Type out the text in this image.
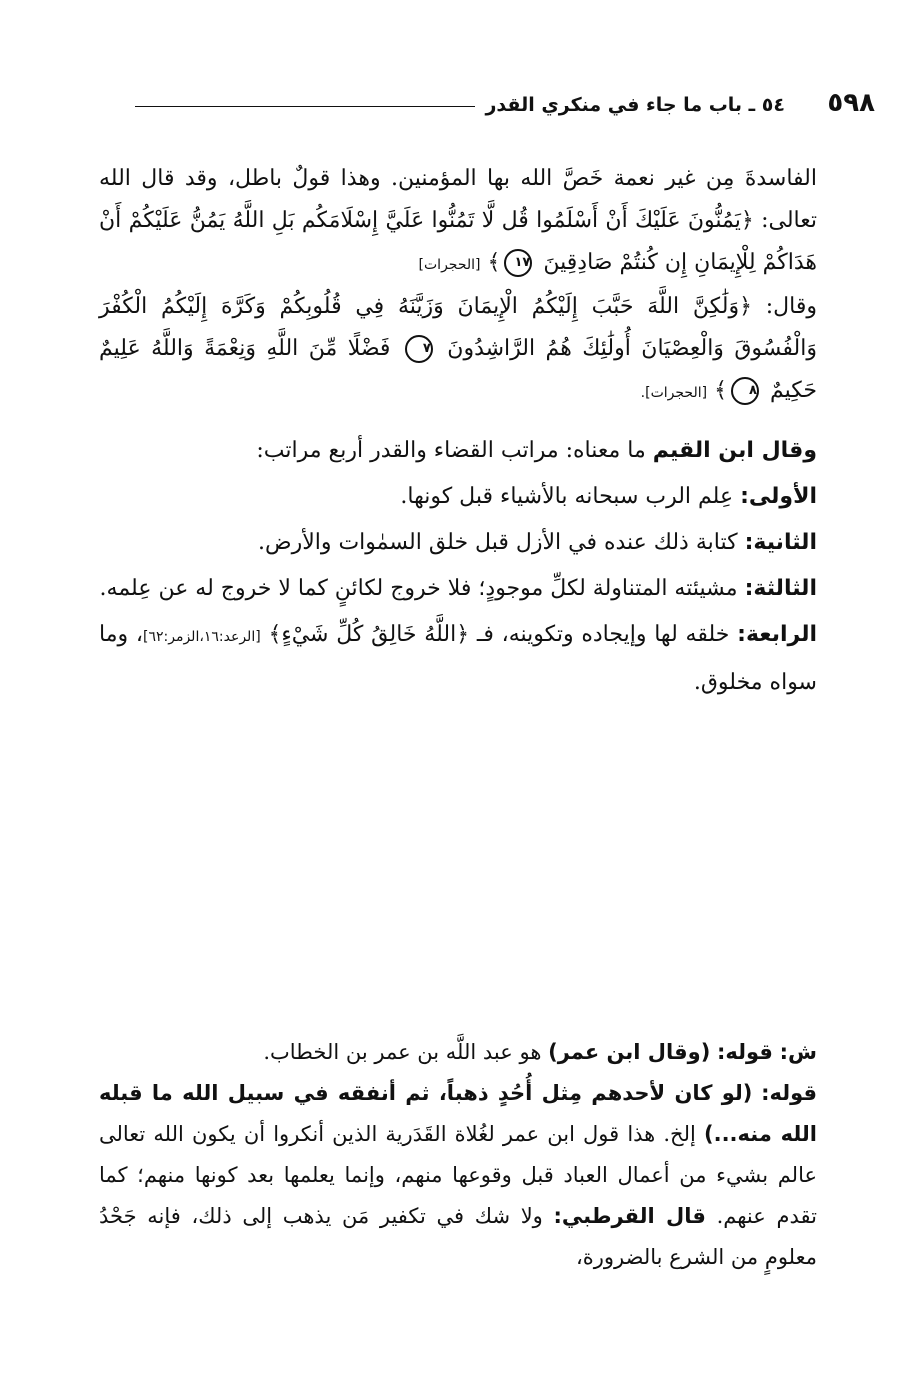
٥٩٨
٥٤ ـ باب ما جاء في منكري القدر

الفاسدةَ مِن غير نعمة خَصَّ الله بها المؤمنين. وهذا قولٌ باطل، وقد قال الله تعالى: ﴿يَمُنُّونَ عَلَيْكَ أَنْ أَسْلَمُوا قُل لَّا تَمُنُّوا عَلَيَّ إِسْلَامَكُم بَلِ اللَّهُ يَمُنُّ عَلَيْكُمْ أَنْ هَدَاكُمْ لِلْإِيمَانِ إِن كُنتُمْ صَادِقِينَ ١٧﴾ [الحجرات]

وقال: ﴿وَلَٰكِنَّ اللَّهَ حَبَّبَ إِلَيْكُمُ الْإِيمَانَ وَزَيَّنَهُ فِي قُلُوبِكُمْ وَكَرَّهَ إِلَيْكُمُ الْكُفْرَ وَالْفُسُوقَ وَالْعِصْيَانَ أُولَٰئِكَ هُمُ الرَّاشِدُونَ ٧ فَضْلًا مِّنَ اللَّهِ وَنِعْمَةً وَاللَّهُ عَلِيمٌ حَكِيمٌ ٨﴾ [الحجرات].

وقال ابن القيم ما معناه: مراتب القضاء والقدر أربع مراتب:

الأولى: عِلم الرب سبحانه بالأشياء قبل كونها.

الثانية: كتابة ذلك عنده في الأزل قبل خلق السمٰوات والأرض.

الثالثة: مشيئته المتناولة لكلِّ موجودٍ؛ فلا خروج لكائنٍ كما لا خروج له عن عِلمه.

الرابعة: خلقه لها وإيجاده وتكوينه، فـ ﴿اللَّهُ خَالِقُ كُلِّ شَيْءٍ﴾ [الرعد:١٦،الزمر:٦٢]، وما سواه مخلوق.

ش: قوله: (وقال ابن عمر) هو عبد اللَّه بن عمر بن الخطاب.

قوله: (لو كان لأحدهم مِثل أُحُدٍ ذهباً، ثم أنفقه في سبيل الله ما قبله الله منه...) إلخ. هذا قول ابن عمر لغُلاة القَدَرية الذين أنكروا أن يكون الله تعالى عالم بشيء من أعمال العباد قبل وقوعها منهم، وإنما يعلمها بعد كونها منهم؛ كما تقدم عنهم. قال القرطبي: ولا شك في تكفير مَن يذهب إلى ذلك، فإنه جَحْدُ معلومٍ من الشرع بالضرورة،
